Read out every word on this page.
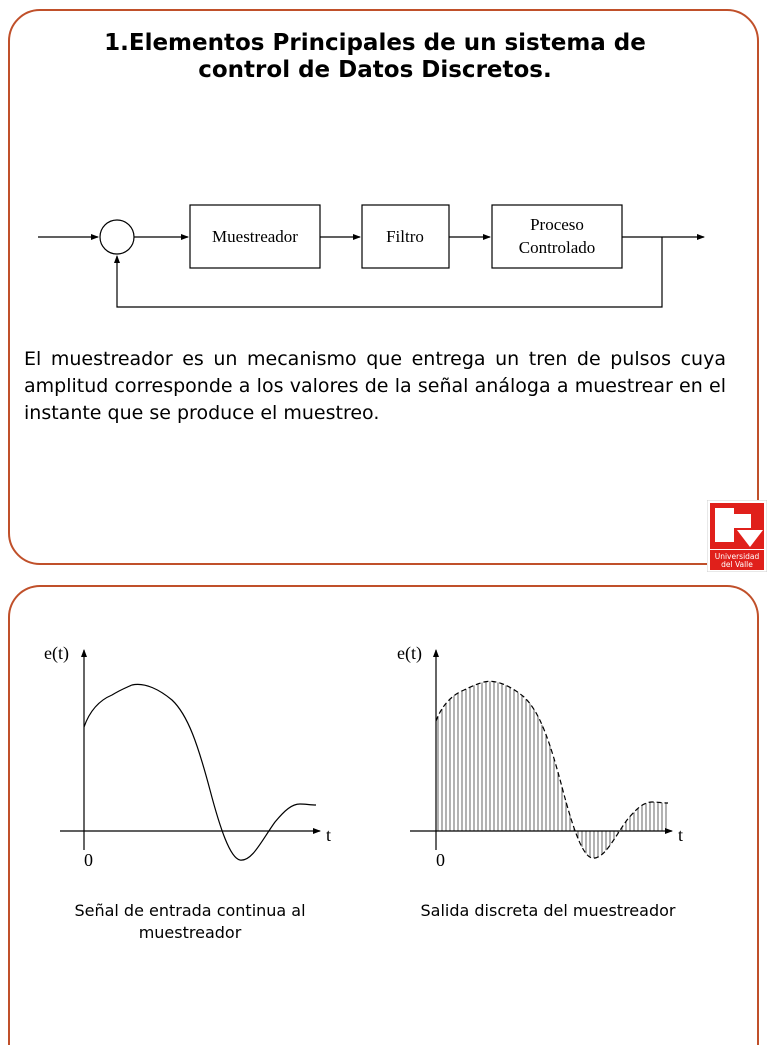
1.Elementos Principales de un sistema de
control de Datos Discretos.
Muestreador	Filtro
Proceso
Controlado
El muestreador es un mecanismo que entrega un tren de pulsos cuya amplitud corresponde a los valores de la señal análoga a muestrear en el instante que se produce el muestreo.
Universidad
del Valle
e(t)
t
0
e(t)
t
0
Señal de entrada continua al muestreador
Salida discreta del muestreador
